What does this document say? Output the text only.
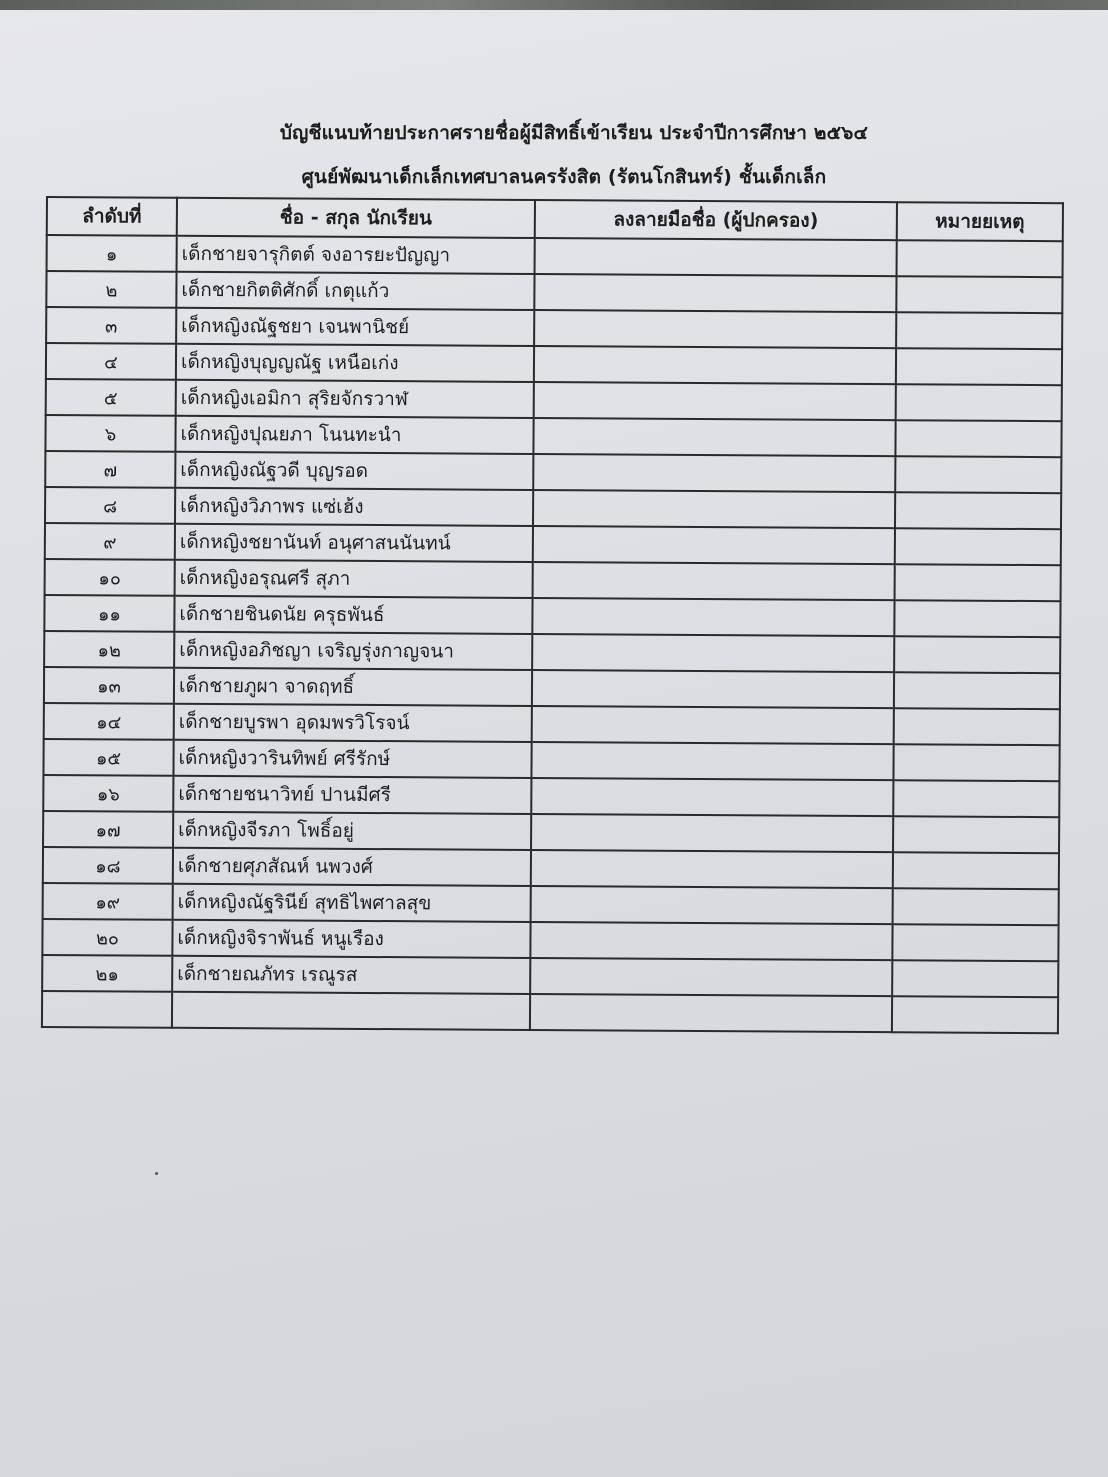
บัญชีแนบท้ายประกาศรายชื่อผู้มีสิทธิ์เข้าเรียน ประจำปีการศึกษา ๒๕๖๔
ศูนย์พัฒนาเด็กเล็กเทศบาลนครรังสิต (รัตนโกสินทร์) ชั้นเด็กเล็ก
ลำดับที่	ชื่อ - สกุล นักเรียน	ลงลายมือชื่อ (ผู้ปกครอง)	หมายยเหตุ
๑	เด็กชายจารุกิตต์ จงอารยะปัญญา		
๒	เด็กชายกิตติศักดิ์ เกตุแก้ว		
๓	เด็กหญิงณัฐชยา เจนพานิชย์		
๔	เด็กหญิงบุญญณัฐ เหนือเก่ง		
๕	เด็กหญิงเอมิกา สุริยจักรวาฬ		
๖	เด็กหญิงปุณยภา โนนทะนำ		
๗	เด็กหญิงณัฐวดี บุญรอด		
๘	เด็กหญิงวิภาพร แซ่เฮ้ง		
๙	เด็กหญิงชยานันท์ อนุศาสนนันทน์		
๑๐	เด็กหญิงอรุณศรี สุภา		
๑๑	เด็กชายชินดนัย ครุธพันธ์		
๑๒	เด็กหญิงอภิชญา เจริญรุ่งกาญจนา		
๑๓	เด็กชายภูผา จาดฤทธิ์		
๑๔	เด็กชายบูรพา อุดมพรวิโรจน์		
๑๕	เด็กหญิงวารินทิพย์ ศรีรักษ์		
๑๖	เด็กชายชนาวิทย์ ปานมีศรี		
๑๗	เด็กหญิงจีรภา โพธิ์อยู่		
๑๘	เด็กชายศุภสัณห์ นพวงศ์		
๑๙	เด็กหญิงณัฐรินีย์ สุทธิไพศาลสุข		
๒๐	เด็กหญิงจิราพันธ์ หนูเรือง		
๒๑	เด็กชายณภัทร เรณูรส		
